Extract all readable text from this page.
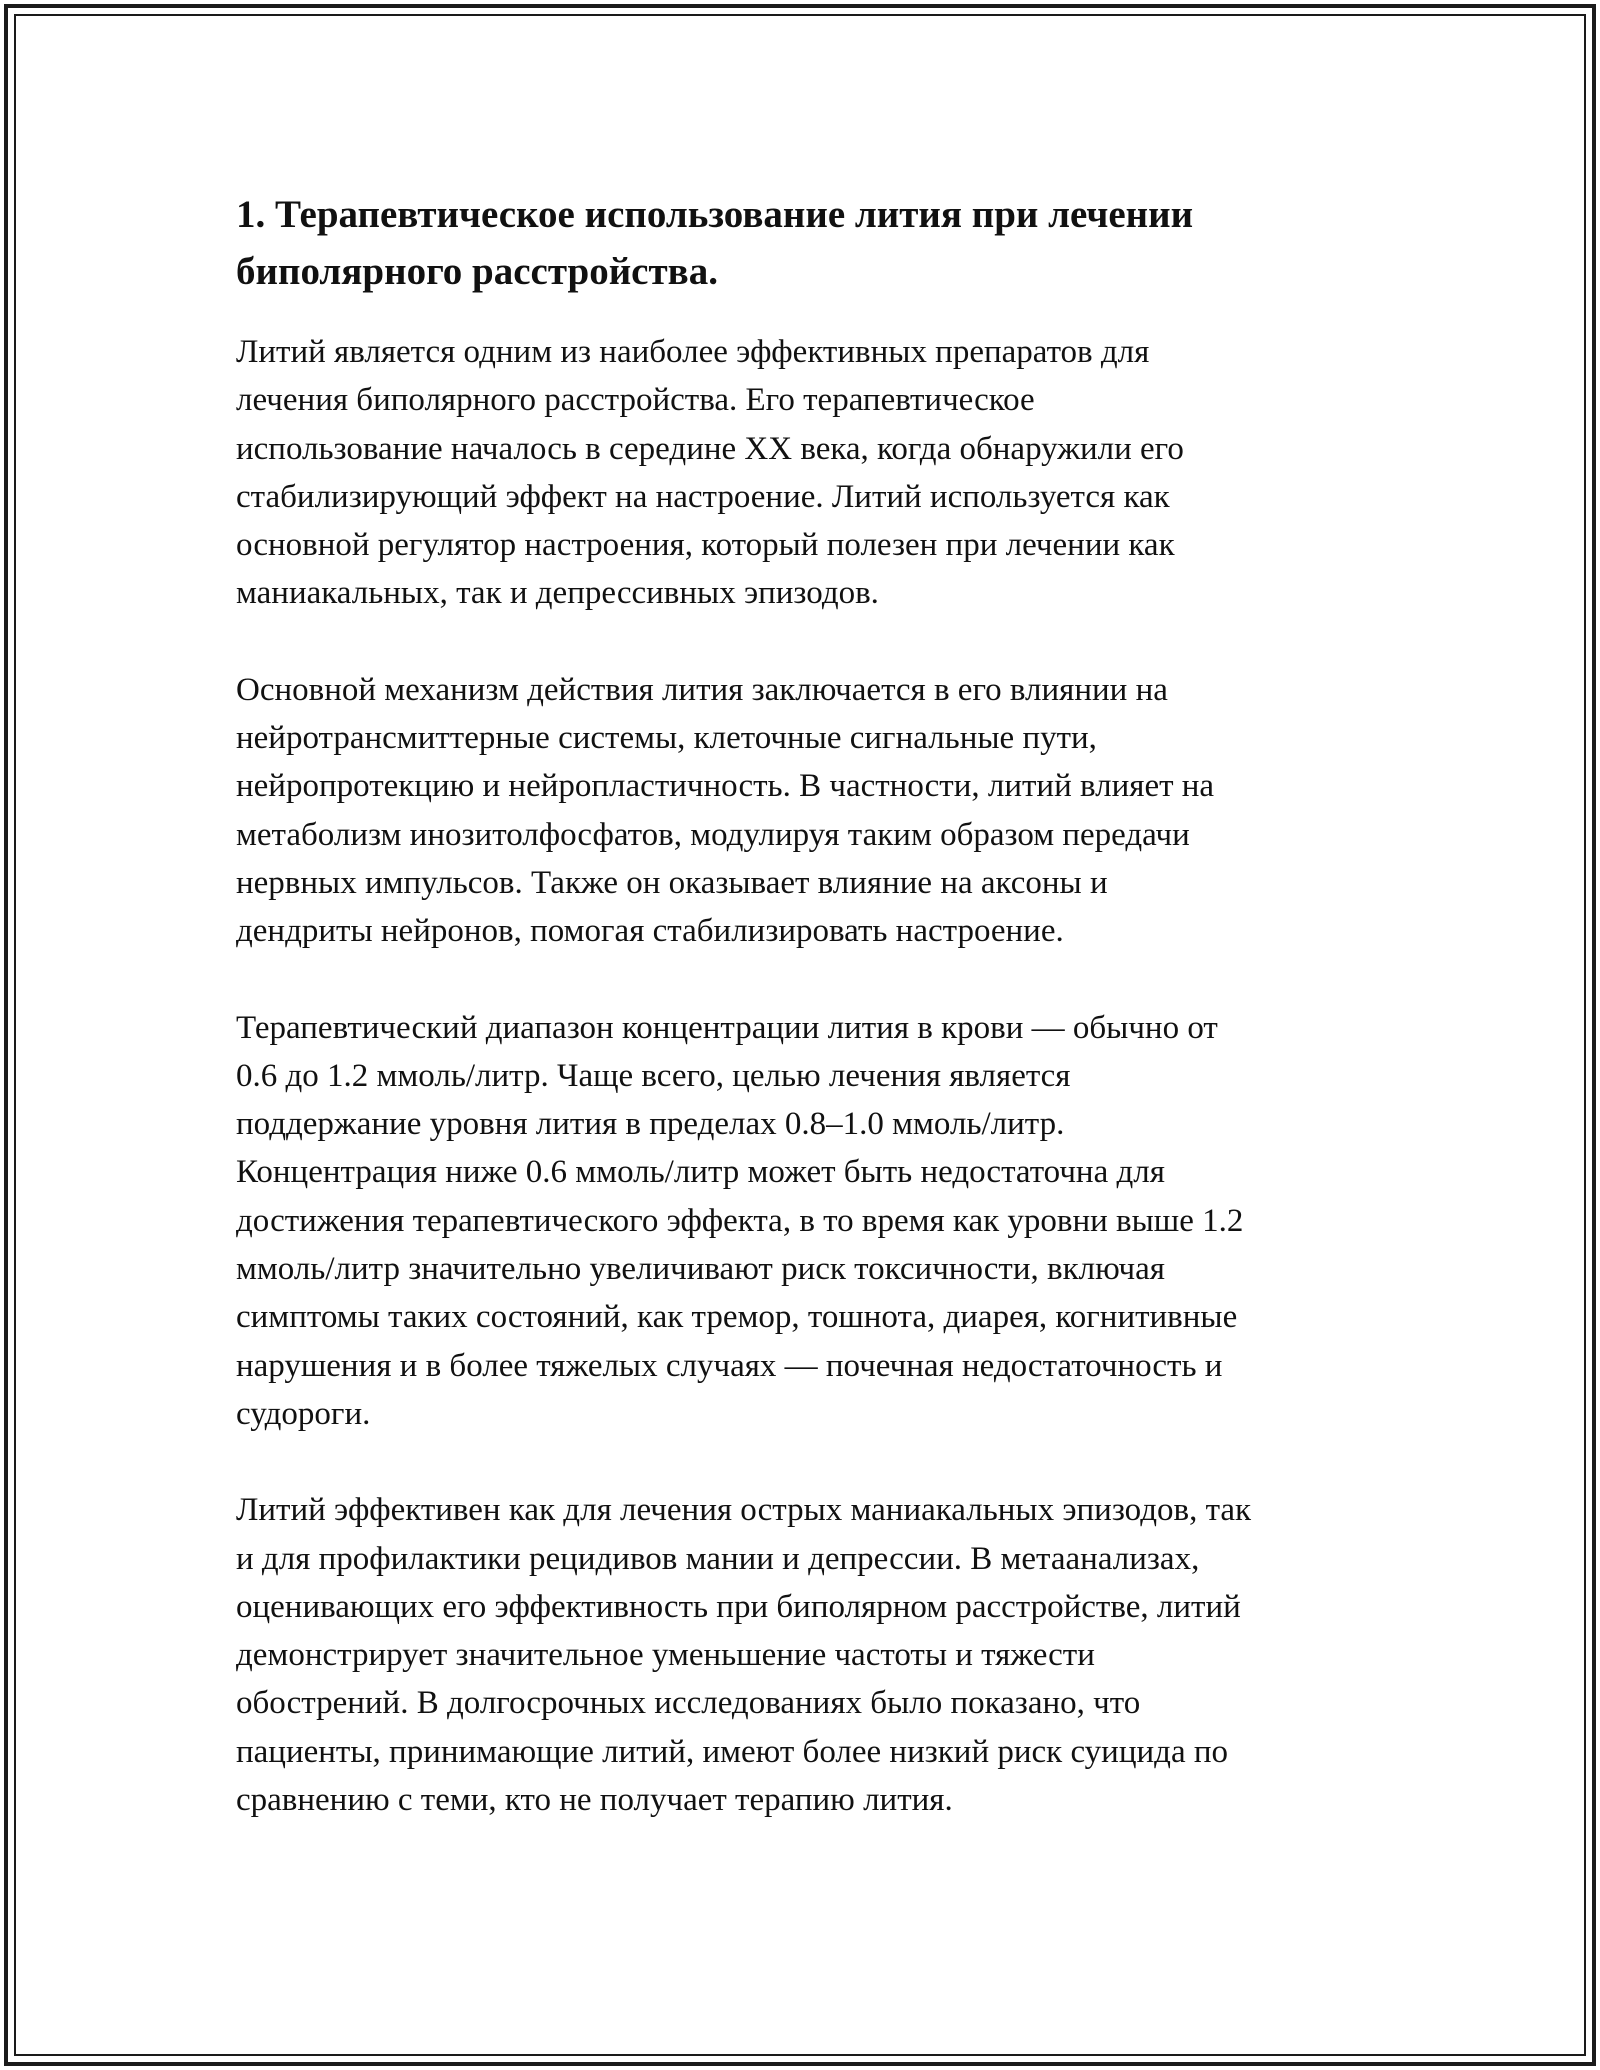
1. Терапевтическое использование лития при лечении
биполярного расстройства.

Литий является одним из наиболее эффективных препаратов для
лечения биполярного расстройства. Его терапевтическое
использование началось в середине XX века, когда обнаружили его
стабилизирующий эффект на настроение. Литий используется как
основной регулятор настроения, который полезен при лечении как
маниакальных, так и депрессивных эпизодов.

Основной механизм действия лития заключается в его влиянии на
нейротрансмиттерные системы, клеточные сигнальные пути,
нейропротекцию и нейропластичность. В частности, литий влияет на
метаболизм инозитолфосфатов, модулируя таким образом передачи
нервных импульсов. Также он оказывает влияние на аксоны и
дендриты нейронов, помогая стабилизировать настроение.

Терапевтический диапазон концентрации лития в крови — обычно от
0.6 до 1.2 ммоль/литр. Чаще всего, целью лечения является
поддержание уровня лития в пределах 0.8–1.0 ммоль/литр.
Концентрация ниже 0.6 ммоль/литр может быть недостаточна для
достижения терапевтического эффекта, в то время как уровни выше 1.2
ммоль/литр значительно увеличивают риск токсичности, включая
симптомы таких состояний, как тремор, тошнота, диарея, когнитивные
нарушения и в более тяжелых случаях — почечная недостаточность и
судороги.

Литий эффективен как для лечения острых маниакальных эпизодов, так
и для профилактики рецидивов мании и депрессии. В метаанализах,
оценивающих его эффективность при биполярном расстройстве, литий
демонстрирует значительное уменьшение частоты и тяжести
обострений. В долгосрочных исследованиях было показано, что
пациенты, принимающие литий, имеют более низкий риск суицида по
сравнению с теми, кто не получает терапию лития.
